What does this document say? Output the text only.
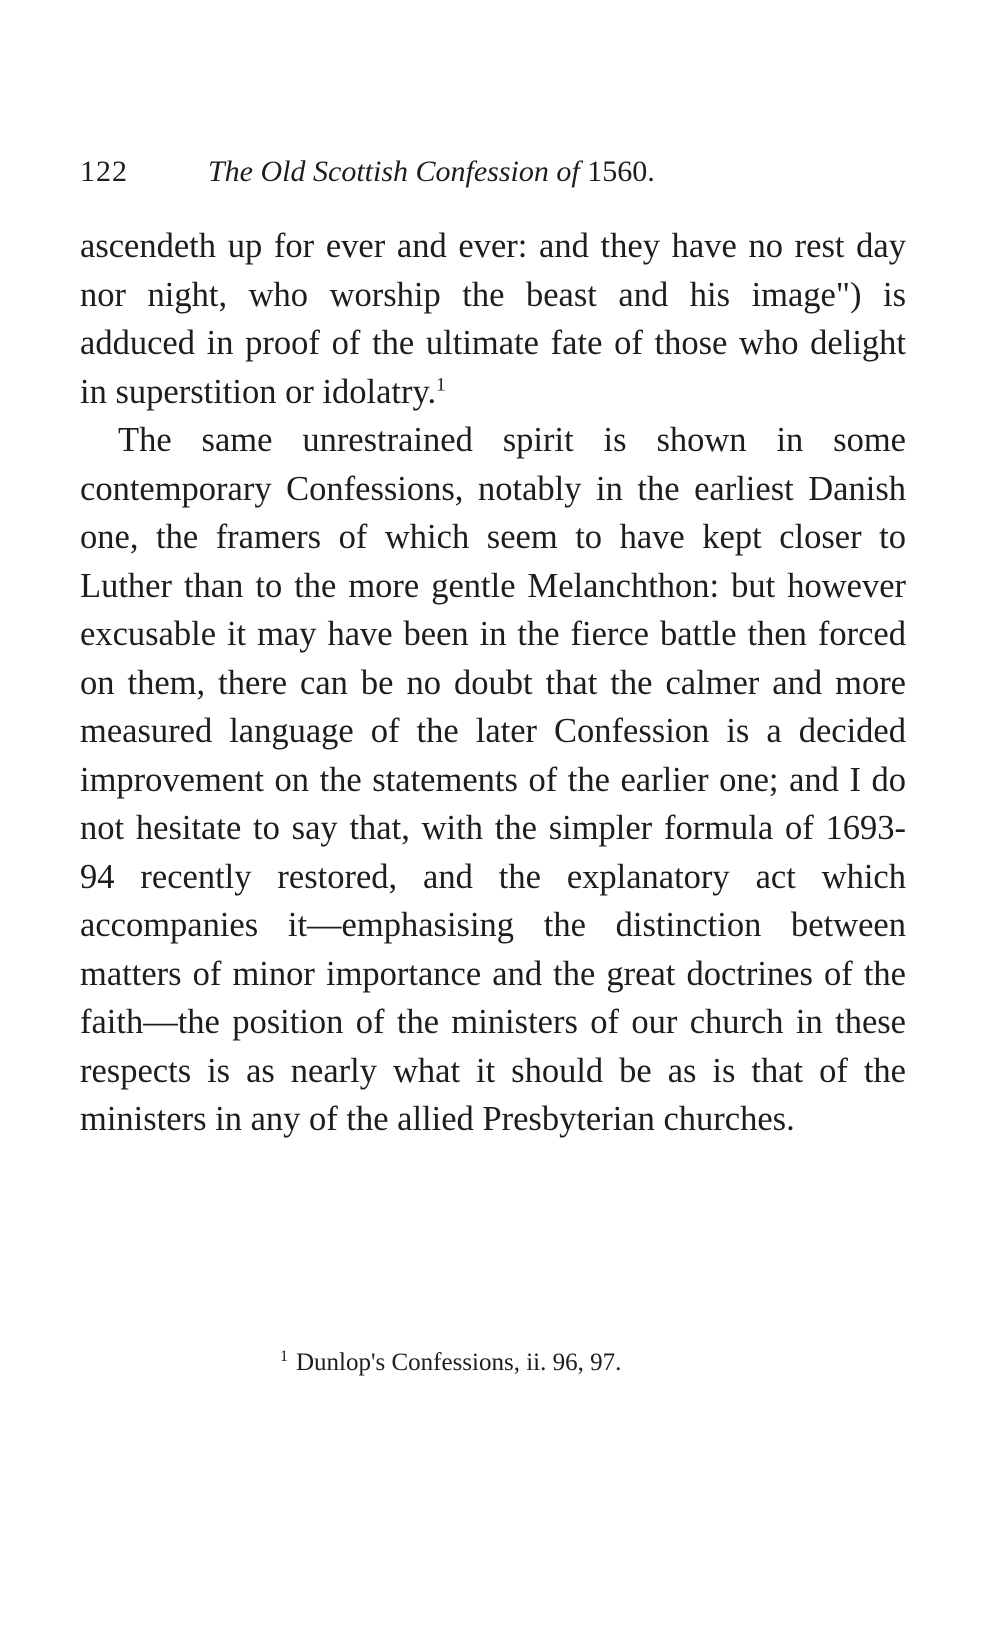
122	The Old Scottish Confession of 1560.

ascendeth up for ever and ever: and they have no rest day nor night, who worship the beast and his image") is adduced in proof of the ultimate fate of those who delight in superstition or idolatry.$^1$

The same unrestrained spirit is shown in some contemporary Confessions, notably in the earliest Danish one, the framers of which seem to have kept closer to Luther than to the more gentle Melanchthon: but however excusable it may have been in the fierce battle then forced on them, there can be no doubt that the calmer and more measured language of the later Confession is a decided improvement on the statements of the earlier one; and I do not hesitate to say that, with the simpler formula of 1693-94 recently restored, and the explanatory act which accompanies it—emphasising the distinction between matters of minor importance and the great doctrines of the faith—the position of the ministers of our church in these respects is as nearly what it should be as is that of the ministers in any of the allied Presbyterian churches.

$^1$ Dunlop's Confessions, ii. 96, 97.
